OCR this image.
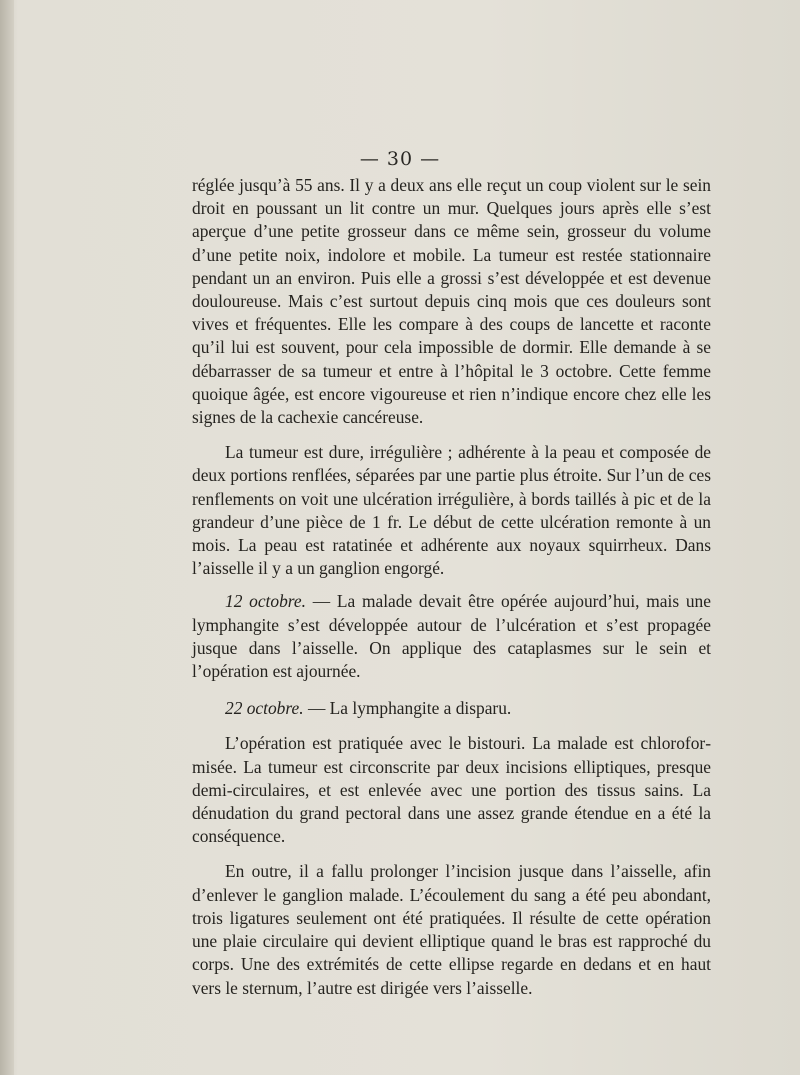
— 30 —

réglée jusqu’à 55 ans. Il y a deux ans elle reçut un coup violent sur le sein droit en poussant un lit contre un mur. Quelques jours après elle s’est aperçue d’une petite grosseur dans ce même sein, grosseur du volume d’une petite noix, indolore et mobile. La tumeur est restée stationnaire pendant un an environ. Puis elle a grossi s’est développée et est devenue douloureuse. Mais c’est surtout depuis cinq mois que ces douleurs sont vives et fréquentes. Elle les compare à des coups de lancette et raconte qu’il lui est souvent, pour cela impossible de dormir. Elle demande à se débarrasser de sa tumeur et entre à l’hôpital le 3 octobre. Cette femme quoique âgée, est encore vigoureuse et rien n’indique encore chez elle les signes de la cachexie cancéreuse.

La tumeur est dure, irrégulière ; adhérente à la peau et composée de deux portions renflées, séparées par une partie plus étroite. Sur l’un de ces renflements on voit une ulcération irrégulière, à bords taillés à pic et de la grandeur d’une pièce de 1 fr. Le début de cette ulcération remonte à un mois. La peau est ratatinée et adhérente aux noyaux squirrheux. Dans l’aisselle il y a un ganglion engorgé.

12 octobre. — La malade devait être opérée aujourd’hui, mais une lymphangite s’est développée autour de l’ulcération et s’est propagée jusque dans l’aisselle. On applique des cataplasmes sur le sein et l’opération est ajournée.

22 octobre. — La lymphangite a disparu.

L’opération est pratiquée avec le bistouri. La malade est chloroformisée. La tumeur est circonscrite par deux incisions elliptiques, presque demi-circulaires, et est enlevée avec une portion des tissus sains. La dénudation du grand pectoral dans une assez grande étendue en a été la conséquence.

En outre, il a fallu prolonger l’incision jusque dans l’aisselle, afin d’enlever le ganglion malade. L’écoulement du sang a été peu abondant, trois ligatures seulement ont été pratiquées. Il résulte de cette opération une plaie circulaire qui devient elliptique quand le bras est rapproché du corps. Une des extrémités de cette ellipse regarde en dedans et en haut vers le sternum, l’autre est dirigée vers l’aisselle.
